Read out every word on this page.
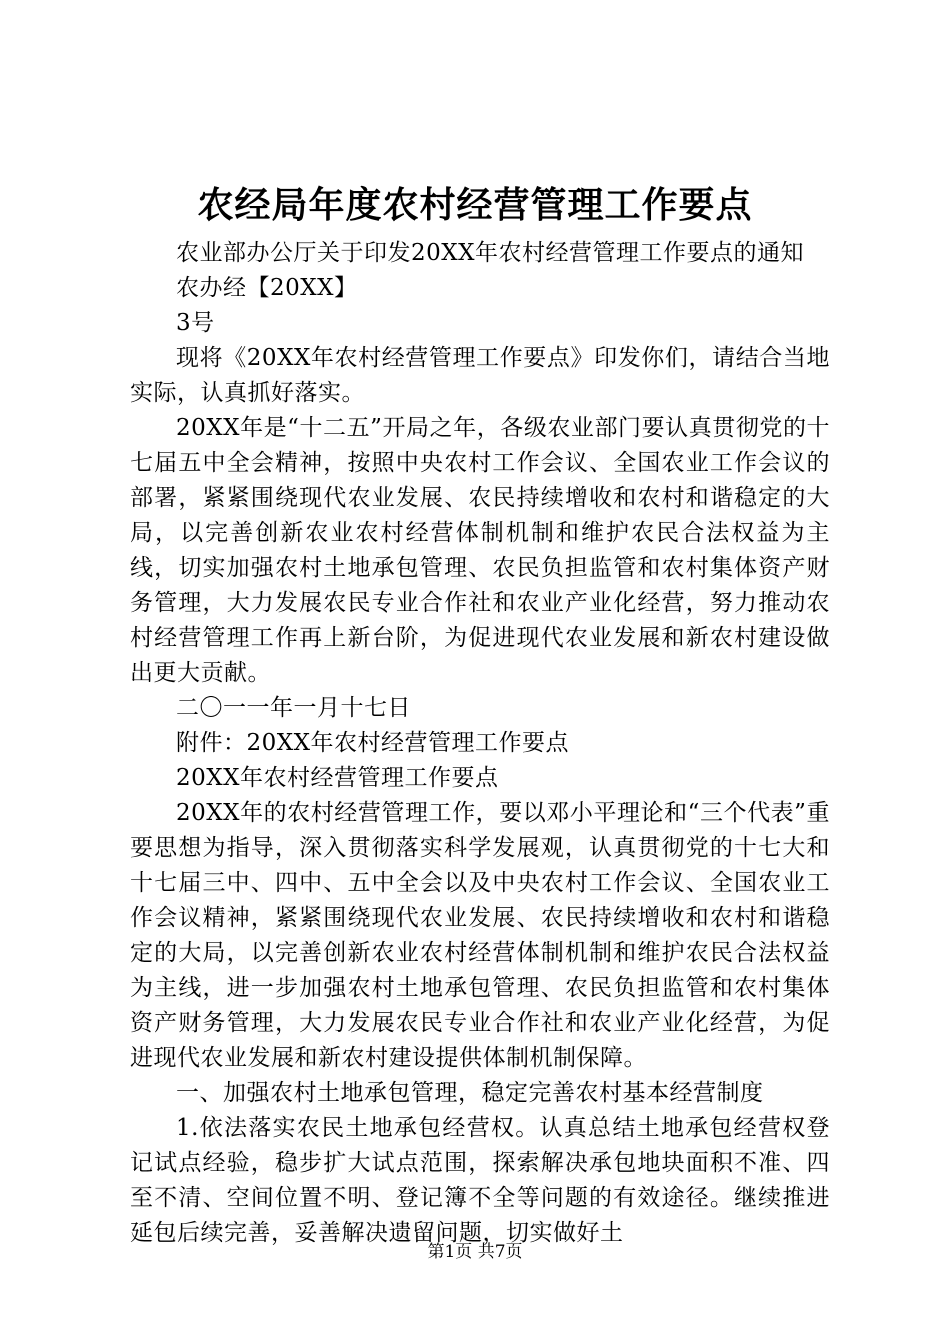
农经局年度农村经营管理工作要点

农业部办公厅关于印发20XX年农村经营管理工作要点的通知

农办经【20XX】

3号

现将《20XX年农村经营管理工作要点》印发你们，请结合当地实际，认真抓好落实。

20XX年是“十二五”开局之年，各级农业部门要认真贯彻党的十七届五中全会精神，按照中央农村工作会议、全国农业工作会议的部署，紧紧围绕现代农业发展、农民持续增收和农村和谐稳定的大局，以完善创新农业农村经营体制机制和维护农民合法权益为主线，切实加强农村土地承包管理、农民负担监管和农村集体资产财务管理，大力发展农民专业合作社和农业产业化经营，努力推动农村经营管理工作再上新台阶，为促进现代农业发展和新农村建设做出更大贡献。

二〇一一年一月十七日

附件：20XX年农村经营管理工作要点

20XX年农村经营管理工作要点

20XX年的农村经营管理工作，要以邓小平理论和“三个代表”重要思想为指导，深入贯彻落实科学发展观，认真贯彻党的十七大和十七届三中、四中、五中全会以及中央农村工作会议、全国农业工作会议精神，紧紧围绕现代农业发展、农民持续增收和农村和谐稳定的大局，以完善创新农业农村经营体制机制和维护农民合法权益为主线，进一步加强农村土地承包管理、农民负担监管和农村集体资产财务管理，大力发展农民专业合作社和农业产业化经营，为促进现代农业发展和新农村建设提供体制机制保障。

一、加强农村土地承包管理，稳定完善农村基本经营制度

1.依法落实农民土地承包经营权。认真总结土地承包经营权登记试点经验，稳步扩大试点范围，探索解决承包地块面积不准、四至不清、空间位置不明、登记簿不全等问题的有效途径。继续推进延包后续完善，妥善解决遗留问题，切实做好土

第1页 共7页
